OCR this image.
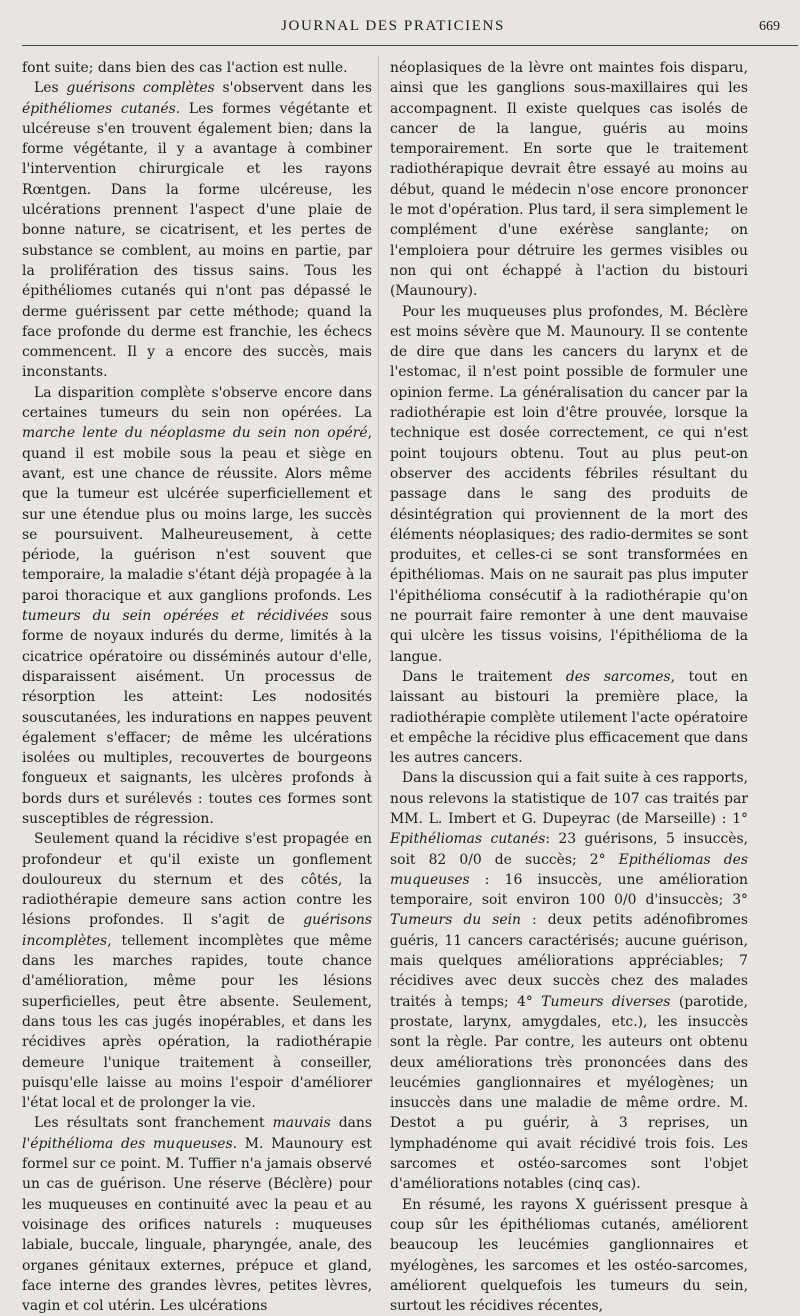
JOURNAL DES PRATICIENS	669

font suite; dans bien des cas l'action est nulle.

Les guérisons complètes s'observent dans les épithéliomes cutanés. Les formes végétante et ulcéreuse s'en trouvent également bien; dans la forme végétante, il y a avantage à combiner l'intervention chirurgicale et les rayons Rœntgen. Dans la forme ulcéreuse, les ulcérations prennent l'aspect d'une plaie de bonne nature, se cicatrisent, et les pertes de substance se comblent, au moins en partie, par la prolifération des tissus sains. Tous les épithéliomes cutanés qui n'ont pas dépassé le derme guérissent par cette méthode; quand la face profonde du derme est franchie, les échecs commencent. Il y a encore des succès, mais inconstants.

La disparition complète s'observe encore dans certaines tumeurs du sein non opérées. La marche lente du néoplasme du sein non opéré, quand il est mobile sous la peau et siège en avant, est une chance de réussite. Alors même que la tumeur est ulcérée superficiellement et sur une étendue plus ou moins large, les succès se poursuivent. Malheureusement, à cette période, la guérison n'est souvent que temporaire, la maladie s'étant déjà propagée à la paroi thoracique et aux ganglions profonds. Les tumeurs du sein opérées et récidivées sous forme de noyaux indurés du derme, limités à la cicatrice opératoire ou disséminés autour d'elle, disparaissent aisément. Un processus de résorption les atteint: Les nodosités souscutanées, les indurations en nappes peuvent également s'effacer; de même les ulcérations isolées ou multiples, recouvertes de bourgeons fongueux et saignants, les ulcères profonds à bords durs et surélevés : toutes ces formes sont susceptibles de régression.

Seulement quand la récidive s'est propagée en profondeur et qu'il existe un gonflement douloureux du sternum et des côtés, la radiothérapie demeure sans action contre les lésions profondes. Il s'agit de guérisons incomplètes, tellement incomplètes que même dans les marches rapides, toute chance d'amélioration, même pour les lésions superficielles, peut être absente. Seulement, dans tous les cas jugés inopérables, et dans les récidives après opération, la radiothérapie demeure l'unique traitement à conseiller, puisqu'elle laisse au moins l'espoir d'améliorer l'état local et de prolonger la vie.

Les résultats sont franchement mauvais dans l'épithélioma des muqueuses. M. Maunoury est formel sur ce point. M. Tuffier n'a jamais observé un cas de guérison. Une réserve (Béclère) pour les muqueuses en continuité avec la peau et au voisinage des orifices naturels : muqueuses labiale, buccale, linguale, pharyngée, anale, des organes génitaux externes, prépuce et gland, face interne des grandes lèvres, petites lèvres, vagin et col utérin. Les ulcérations

néoplasiques de la lèvre ont maintes fois disparu, ainsi que les ganglions sous-maxillaires qui les accompagnent. Il existe quelques cas isolés de cancer de la langue, guéris au moins temporairement. En sorte que le traitement radiothérapique devrait être essayé au moins au début, quand le médecin n'ose encore prononcer le mot d'opération. Plus tard, il sera simplement le complément d'une exérèse sanglante; on l'emploiera pour détruire les germes visibles ou non qui ont échappé à l'action du bistouri (Maunoury).

Pour les muqueuses plus profondes, M. Béclère est moins sévère que M. Maunoury. Il se contente de dire que dans les cancers du larynx et de l'estomac, il n'est point possible de formuler une opinion ferme. La généralisation du cancer par la radiothérapie est loin d'être prouvée, lorsque la technique est dosée correctement, ce qui n'est point toujours obtenu. Tout au plus peut-on observer des accidents fébriles résultant du passage dans le sang des produits de désintégration qui proviennent de la mort des éléments néoplasiques; des radio-dermites se sont produites, et celles-ci se sont transformées en épithéliomas. Mais on ne saurait pas plus imputer l'épithélioma consécutif à la radiothérapie qu'on ne pourrait faire remonter à une dent mauvaise qui ulcère les tissus voisins, l'épithélioma de la langue.

Dans le traitement des sarcomes, tout en laissant au bistouri la première place, la radiothérapie complète utilement l'acte opératoire et empêche la récidive plus efficacement que dans les autres cancers.

Dans la discussion qui a fait suite à ces rapports, nous relevons la statistique de 107 cas traités par MM. L. Imbert et G. Dupeyrac (de Marseille) : 1° Epithéliomas cutanés: 23 guérisons, 5 insuccès, soit 82 0/0 de succès; 2° Epithéliomas des muqueuses : 16 insuccès, une amélioration temporaire, soit environ 100 0/0 d'insuccès; 3° Tumeurs du sein : deux petits adénofibromes guéris, 11 cancers caractérisés; aucune guérison, mais quelques améliorations appréciables; 7 récidives avec deux succès chez des malades traités à temps; 4° Tumeurs diverses (parotide, prostate, larynx, amygdales, etc.), les insuccès sont la règle. Par contre, les auteurs ont obtenu deux améliorations très prononcées dans des leucémies ganglionnaires et myélogènes; un insuccès dans une maladie de même ordre. M. Destot a pu guérir, à 3 reprises, un lymphadénome qui avait récidivé trois fois. Les sarcomes et ostéo-sarcomes sont l'objet d'améliorations notables (cinq cas).

En résumé, les rayons X guérissent presque à coup sûr les épithéliomas cutanés, améliorent beaucoup les leucémies ganglionnaires et myélogènes, les sarcomes et les ostéo-sarcomes, améliorent quelquefois les tumeurs du sein, surtout les récidives récentes,
